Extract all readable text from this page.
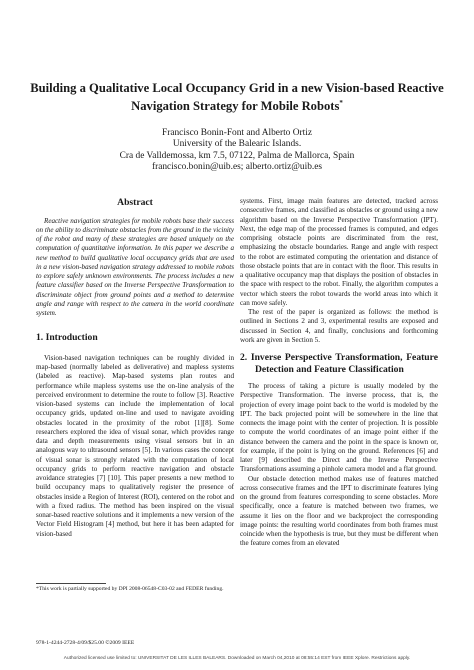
Building a Qualitative Local Occupancy Grid in a new Vision-based Reactive
Navigation Strategy for Mobile Robots*
Francisco Bonin-Font and Alberto Ortiz
University of the Balearic Islands.
Cra de Valldemossa, km 7.5, 07122, Palma de Mallorca, Spain
francisco.bonin@uib.es; alberto.ortiz@uib.es

Abstract

Reactive navigation strategies for mobile robots base their success on the ability to discriminate obstacles from the ground in the vicinity of the robot and many of these strategies are based uniquely on the computation of quantitative information. In this paper we describe a new method to build qualitative local occupancy grids that are used in a new vision-based navigation strategy addressed to mobile robots to explore safely unknown environments. The process includes a new feature classifier based on the Inverse Perspective Transformation to discriminate object from ground points and a method to determine angle and range with respect to the camera in the world coordinate system.

1. Introduction

Vision-based navigation techniques can be roughly divided in map-based (normally labeled as deliverative) and mapless systems (labeled as reactive). Map-based systems plan routes and performance while mapless systems use the on-line analysis of the perceived environment to determine the route to follow [3]. Reactive vision-based systems can include the implementation of local occupancy grids, updated on-line and used to navigate avoiding obstacles located in the proximity of the robot [1][8]. Some researchers explored the idea of visual sonar, which provides range data and depth measurements using visual sensors but in an analogous way to ultrasound sensors [5]. In various cases the concept of visual sonar is strongly related with the computation of local occupancy grids to perform reactive navigation and obstacle avoidance strategies [7] [10]. This paper presents a new method to build occupancy maps to qualitatively register the presence of obstacles inside a Region of Interest (ROI), centered on the robot and with a fixed radius. The method has been inspired on the visual sonar-based reactive solutions and it implements a new version of the Vector Field Histogram [4] method, but here it has been adapted for vision-based

systems. First, image main features are detected, tracked across consecutive frames, and classified as obstacles or ground using a new algorithm based on the Inverse Perspective Transformation (IPT). Next, the edge map of the processed frames is computed, and edges comprising obstacle points are discriminated from the rest, emphasizing the obstacle boundaries. Range and angle with respect to the robot are estimated computing the orientation and distance of those obstacle points that are in contact with the floor. This results in a qualitative occupancy map that displays the position of obstacles in the space with respect to the robot. Finally, the algorithm computes a vector which steers the robot towards the world areas into which it can move safely.

The rest of the paper is organized as follows: the method is outlined in Sections 2 and 3, experimental results are exposed and discussed in Section 4, and finally, conclusions and forthcoming work are given in Section 5.

2. Inverse Perspective Transformation, Feature Detection and Feature Classification

The process of taking a picture is usually modeled by the Perspective Transformation. The inverse process, that is, the projection of every image point back to the world is modeled by the IPT. The back projected point will be somewhere in the line that connects the image point with the center of projection. It is possible to compute the world coordinates of an image point either if the distance between the camera and the point in the space is known or, for example, if the point is lying on the ground. References [6] and later [9] described the Direct and the Inverse Perspective Transformations assuming a pinhole camera model and a flat ground.

Our obstacle detection method makes use of features matched across consecutive frames and the IPT to discriminate features lying on the ground from features corresponding to scene obstacles. More specifically, once a feature is matched between two frames, we assume it lies on the floor and we backproject the corresponding image points: the resulting world coordinates from both frames must coincide when the hypothesis is true, but they must be different when the feature comes from an elevated

*This work is partially supported by DPI 2008-06548-C03-02 and FEDER funding.
978-1-4244-2728-4/09/$25.00 ©2009 IEEE
Authorized licensed use limited to: UNIVERSITAT DE LES ILLES BALEARS. Downloaded on March 04,2010 at 08:55:14 EST from IEEE Xplore. Restrictions apply.
